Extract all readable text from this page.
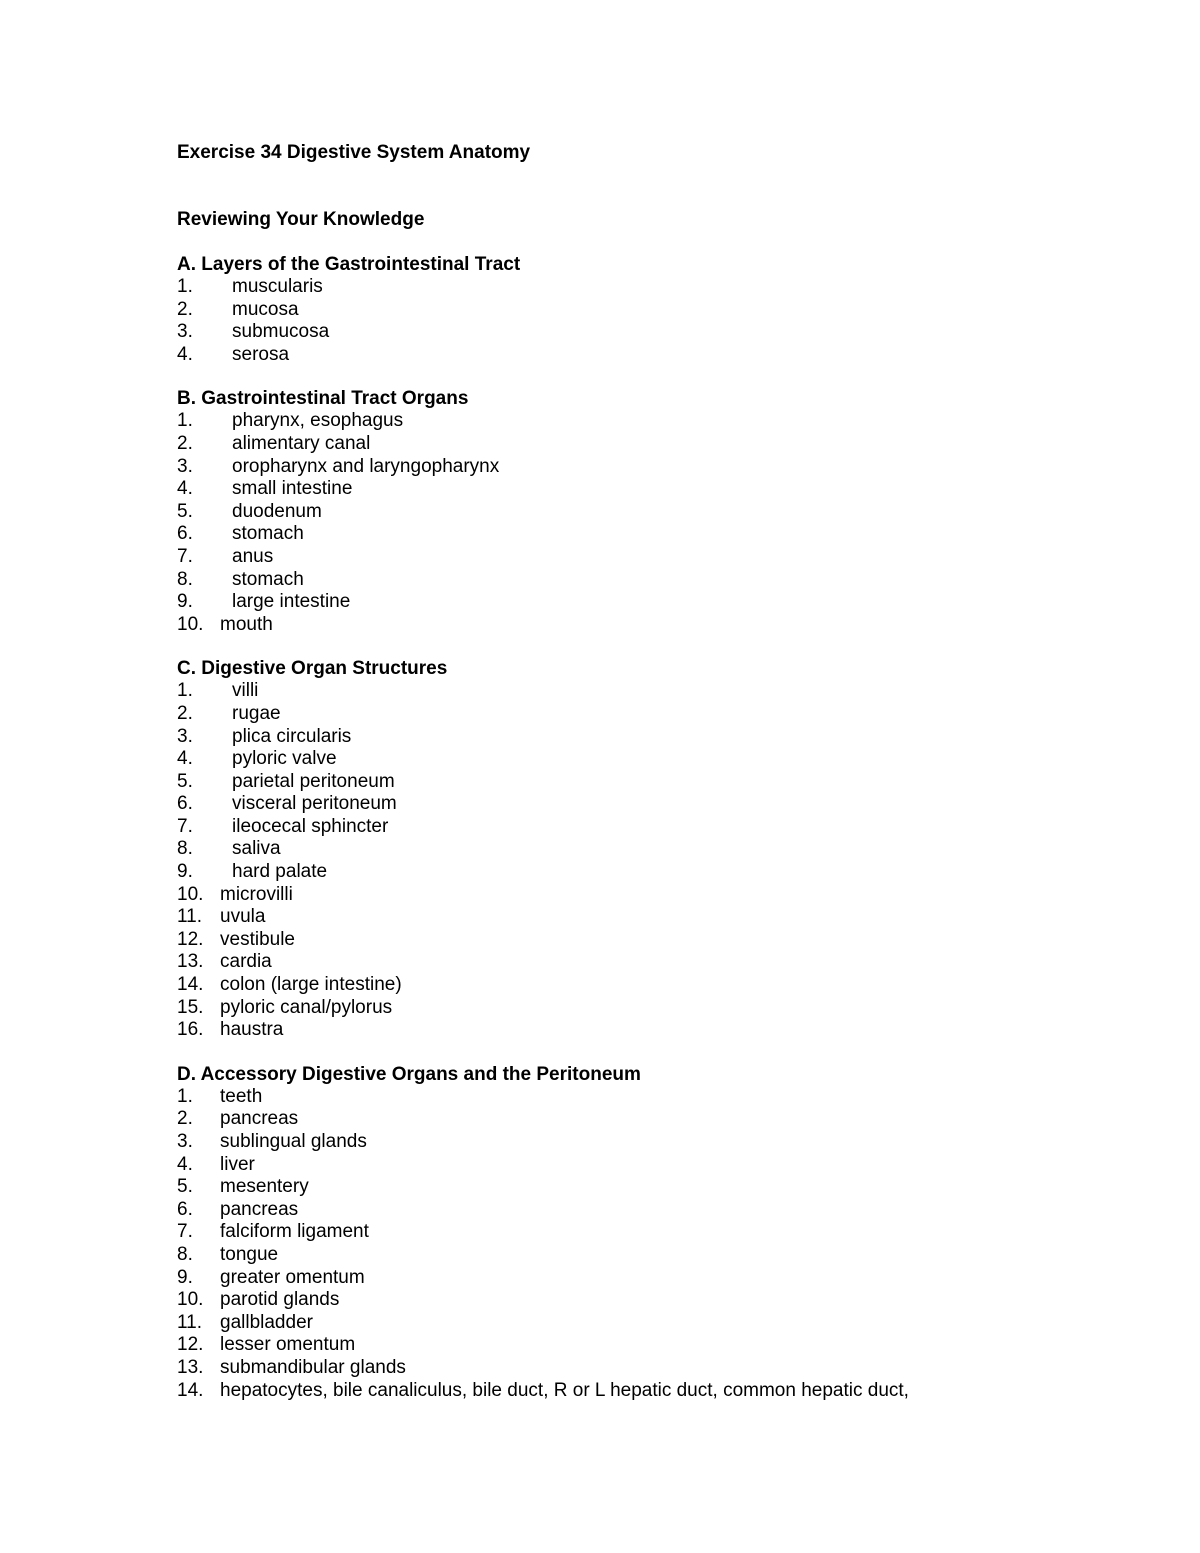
Exercise 34 Digestive System Anatomy
Reviewing Your Knowledge
A. Layers of the Gastrointestinal Tract
1. muscularis
2. mucosa
3. submucosa
4. serosa
B. Gastrointestinal Tract Organs
1. pharynx, esophagus
2. alimentary canal
3. oropharynx and laryngopharynx
4. small intestine
5. duodenum
6. stomach
7. anus
8. stomach
9. large intestine
10. mouth
C. Digestive Organ Structures
1. villi
2. rugae
3. plica circularis
4. pyloric valve
5. parietal peritoneum
6. visceral peritoneum
7. ileocecal sphincter
8. saliva
9. hard palate
10. microvilli
11. uvula
12. vestibule
13. cardia
14. colon (large intestine)
15. pyloric canal/pylorus
16. haustra
D. Accessory Digestive Organs and the Peritoneum
1. teeth
2. pancreas
3. sublingual glands
4. liver
5. mesentery
6. pancreas
7. falciform ligament
8. tongue
9. greater omentum
10. parotid glands
11. gallbladder
12. lesser omentum
13. submandibular glands
14. hepatocytes, bile canaliculus, bile duct, R or L hepatic duct, common hepatic duct,
